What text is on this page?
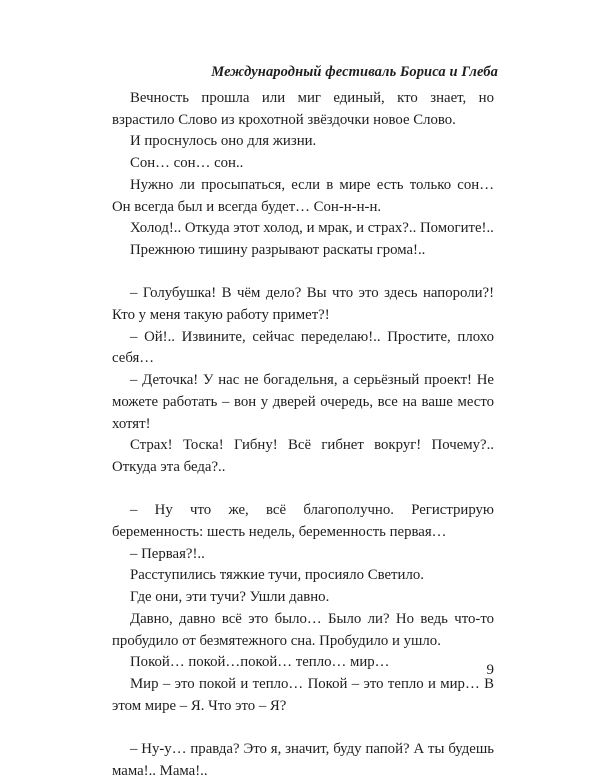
Международный фестиваль Бориса и Глеба

Вечность прошла или миг единый, кто знает, но взрастило Слово из крохотной звёздочки новое Слово.

И проснулось оно для жизни.

Сон… сон… сон..

Нужно ли просыпаться, если в мире есть только сон… Он всегда был и всегда будет… Сон-н-н-н.

Холод!.. Откуда этот холод, и мрак, и страх?.. Помогите!..

Прежнюю тишину разрывают раскаты грома!..

– Голубушка! В чём дело? Вы что это здесь напороли?! Кто у меня такую работу примет?!

– Ой!.. Извините, сейчас переделаю!.. Простите, плохо себя…

– Деточка! У нас не богадельня, а серьёзный проект! Не можете работать – вон у дверей очередь, все на ваше место хотят!

Страх! Тоска! Гибну! Всё гибнет вокруг! Почему?.. Откуда эта беда?..

– Ну что же, всё благополучно. Регистрирую беременность: шесть недель, беременность первая…

– Первая?!..

Расступились тяжкие тучи, просияло Светило.

Где они, эти тучи? Ушли давно.

Давно, давно всё это было… Было ли? Но ведь что-то пробудило от безмятежного сна. Пробудило и ушло.

Покой… покой…покой… тепло… мир…

Мир – это покой и тепло… Покой – это тепло и мир… В этом мире – Я. Что это – Я?

– Ну-у… правда? Это я, значит, буду папой? А ты будешь мама!.. Мама!..

9
